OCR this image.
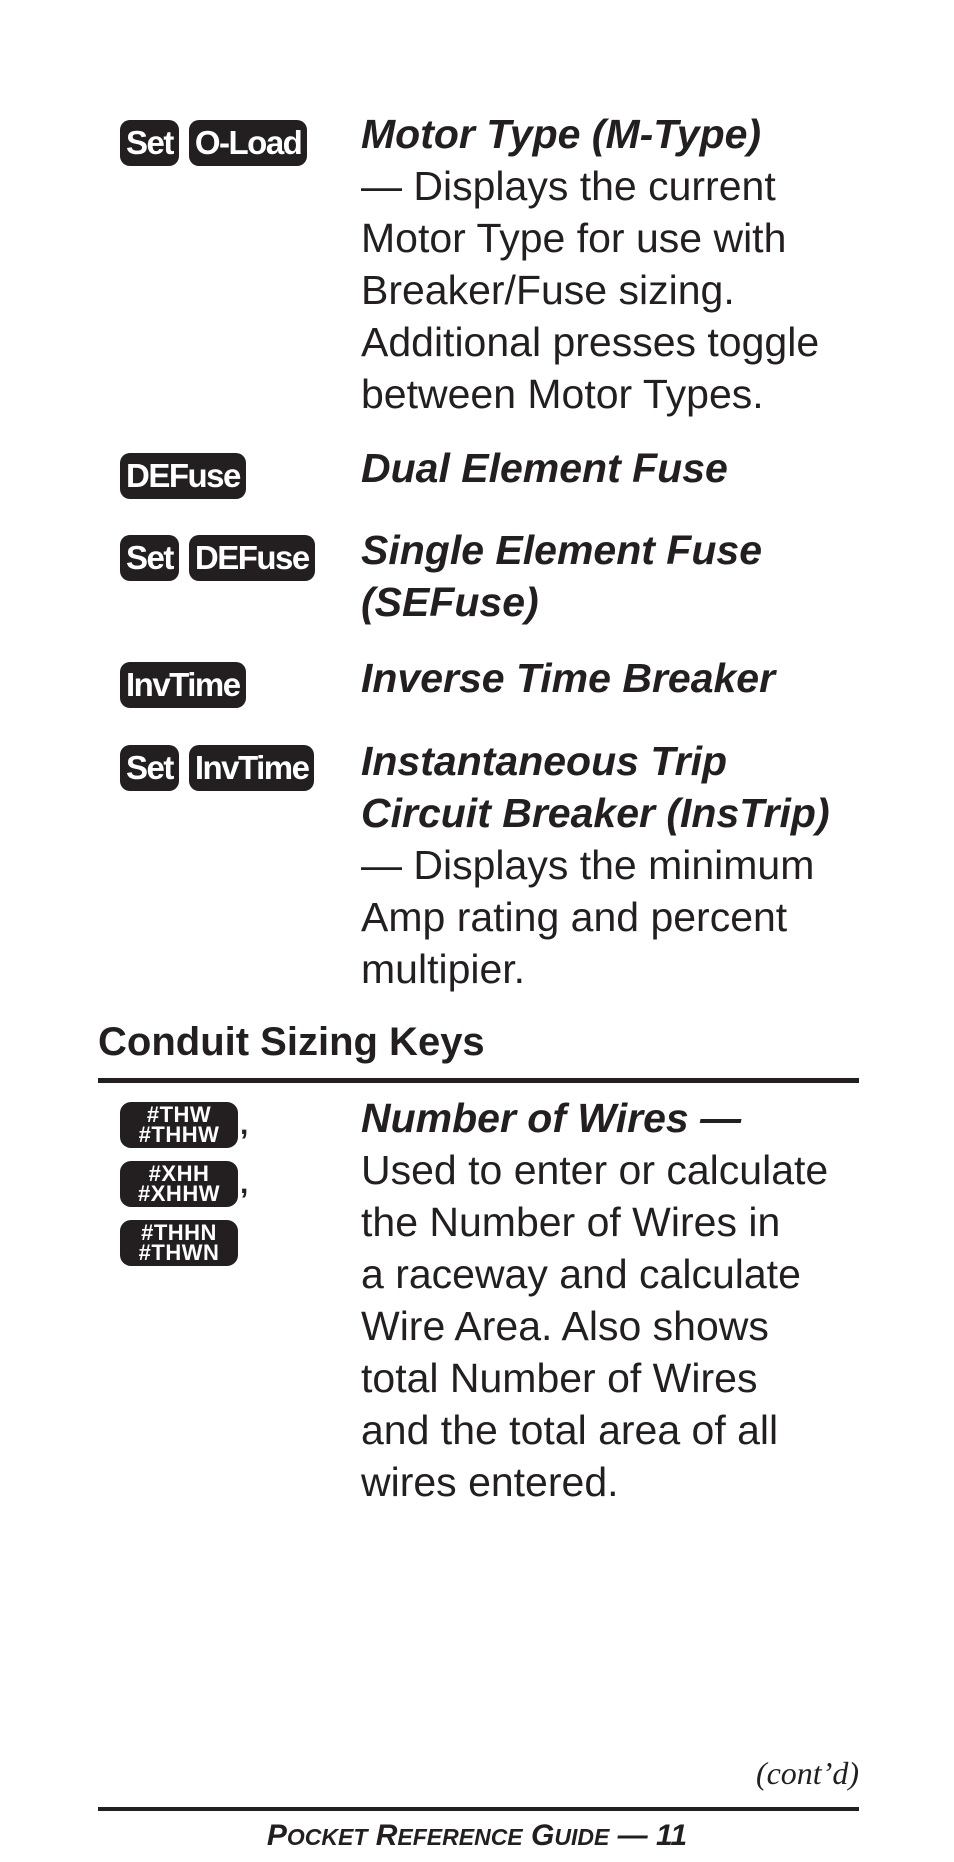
Set O-Load Motor Type (M-Type)
— Displays the current
Motor Type for use with
Breaker/Fuse sizing.
Additional presses toggle
between Motor Types.
DEFuse	Dual Element Fuse
Set DEFuse Single Element Fuse
(SEFuse)
InvTime	Inverse Time Breaker
Set InvTime Instantaneous Trip
Circuit Breaker (InsTrip)
— Displays the minimum
Amp rating and percent
multipier.
Conduit Sizing Keys
#THW
#THHW ,
#XHH
#XHHW ,
#THHN
#THWN
Number of Wires —
Used to enter or calculate
the Number of Wires in
a raceway and calculate
Wire Area. Also shows
total Number of Wires
and the total area of all
wires entered.
(cont’d)
POCKET REFERENCE GUIDE — 11
